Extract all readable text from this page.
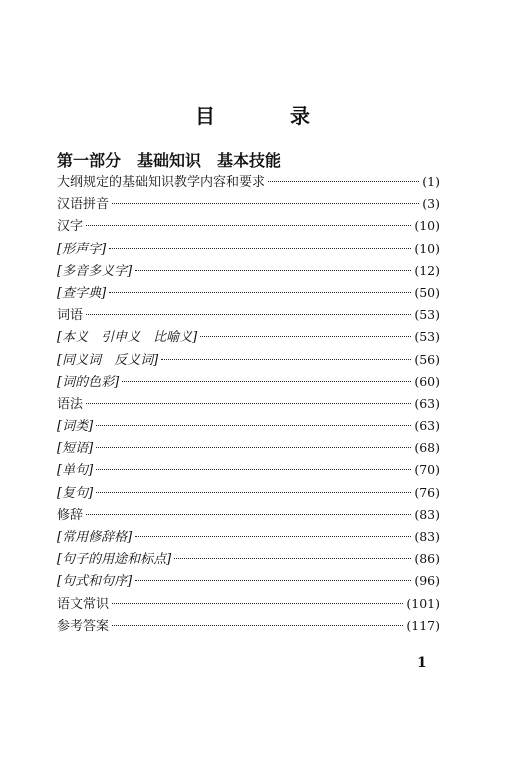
目 录
第一部分　基础知识　基本技能
大纲规定的基础知识教学内容和要求	(1)
汉语拼音	(3)
汉字	(10)
[形声字]	(10)
[多音多义字]	(12)
[查字典]	(50)
词语	(53)
[本义　引申义　比喻义]	(53)
[同义词　反义词]	(56)
[词的色彩]	(60)
语法	(63)
[词类]	(63)
[短语]	(68)
[单句]	(70)
[复句]	(76)
修辞	(83)
[常用修辞格]	(83)
[句子的用途和标点]	(86)
[句式和句序]	(96)
语文常识	(101)
参考答案	(117)
1
